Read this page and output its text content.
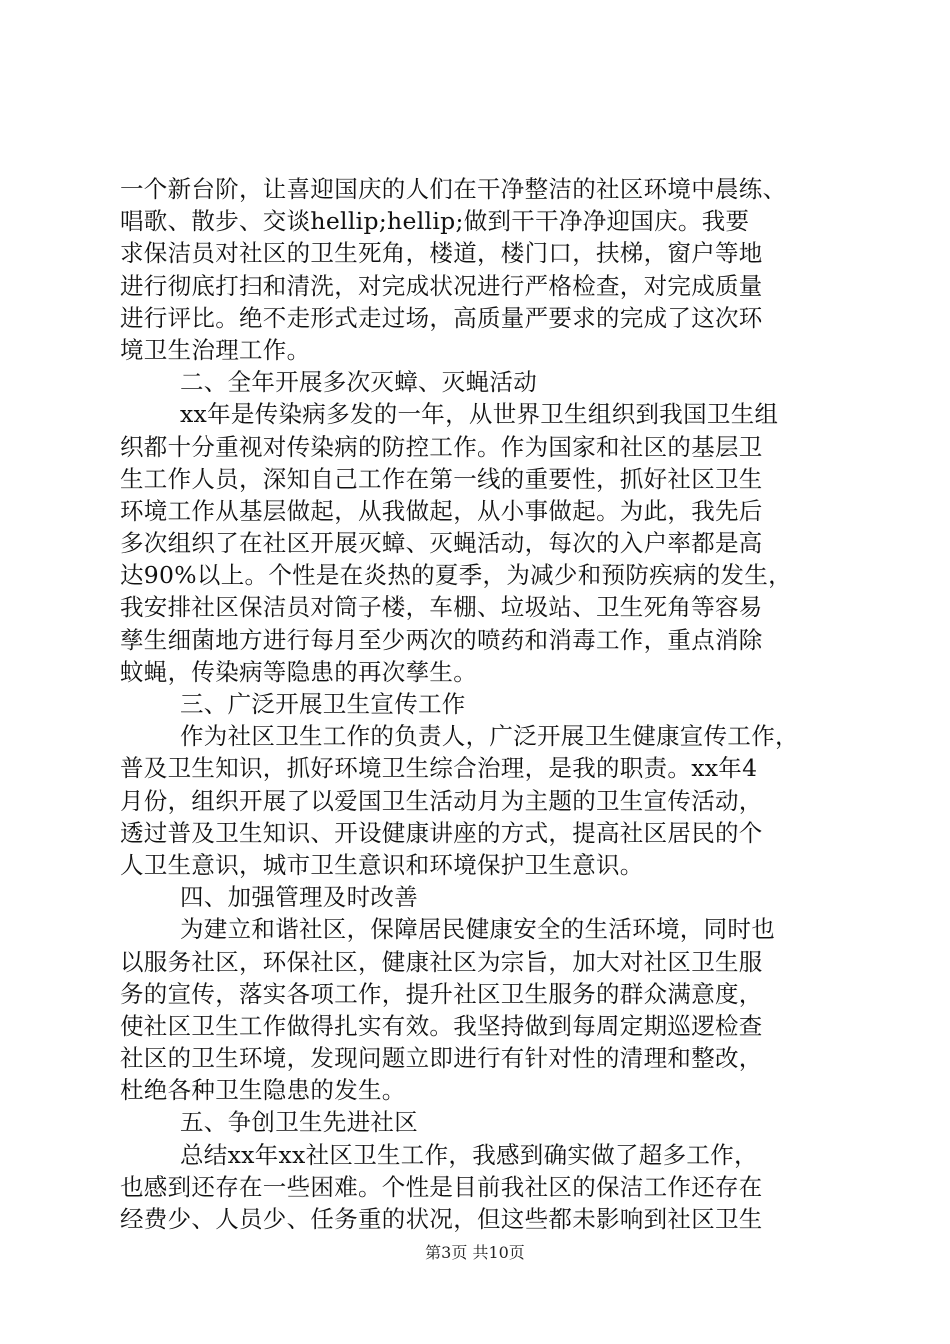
一个新台阶，让喜迎国庆的人们在干净整洁的社区环境中晨练、
唱歌、散步、交谈hellip;hellip;做到干干净净迎国庆。我要
求保洁员对社区的卫生死角，楼道，楼门口，扶梯，窗户等地
进行彻底打扫和清洗，对完成状况进行严格检查，对完成质量
进行评比。绝不走形式走过场，高质量严要求的完成了这次环
境卫生治理工作。
二、全年开展多次灭蟑、灭蝇活动
xx年是传染病多发的一年，从世界卫生组织到我国卫生组
织都十分重视对传染病的防控工作。作为国家和社区的基层卫
生工作人员，深知自己工作在第一线的重要性，抓好社区卫生
环境工作从基层做起，从我做起，从小事做起。为此，我先后
多次组织了在社区开展灭蟑、灭蝇活动，每次的入户率都是高
达90%以上。个性是在炎热的夏季，为减少和预防疾病的发生，
我安排社区保洁员对筒子楼，车棚、垃圾站、卫生死角等容易
孳生细菌地方进行每月至少两次的喷药和消毒工作，重点消除
蚊蝇，传染病等隐患的再次孳生。
三、广泛开展卫生宣传工作
作为社区卫生工作的负责人，广泛开展卫生健康宣传工作，
普及卫生知识，抓好环境卫生综合治理，是我的职责。xx年4
月份，组织开展了以爱国卫生活动月为主题的卫生宣传活动，
透过普及卫生知识、开设健康讲座的方式，提高社区居民的个
人卫生意识，城市卫生意识和环境保护卫生意识。
四、加强管理及时改善
为建立和谐社区，保障居民健康安全的生活环境，同时也
以服务社区，环保社区，健康社区为宗旨，加大对社区卫生服
务的宣传，落实各项工作，提升社区卫生服务的群众满意度，
使社区卫生工作做得扎实有效。我坚持做到每周定期巡逻检查
社区的卫生环境，发现问题立即进行有针对性的清理和整改，
杜绝各种卫生隐患的发生。
五、争创卫生先进社区
总结xx年xx社区卫生工作，我感到确实做了超多工作，
也感到还存在一些困难。个性是目前我社区的保洁工作还存在
经费少、人员少、任务重的状况，但这些都未影响到社区卫生
第3页 共10页
